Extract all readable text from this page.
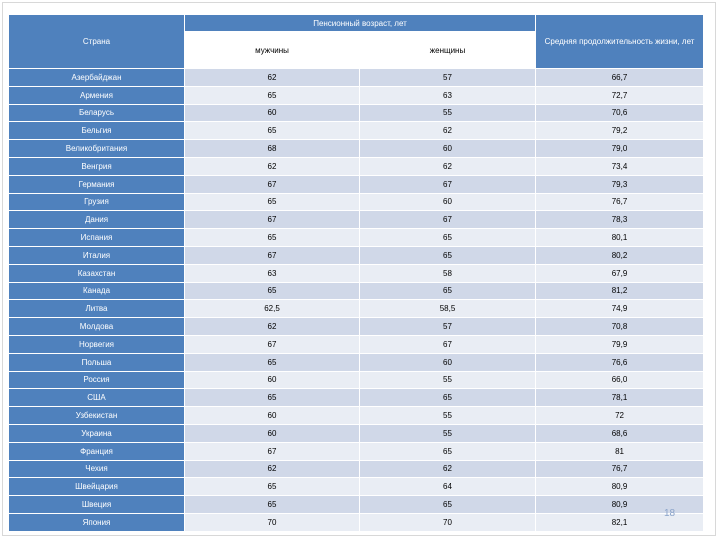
Страна	Пенсионный возраст, лет		Средняя продолжительность жизни, лет
	мужчины	женщины	
Азербайджан	62	57	66,7
Армения	65	63	72,7
Беларусь	60	55	70,6
Бельгия	65	62	79,2
Великобритания	68	60	79,0
Венгрия	62	62	73,4
Германия	67	67	79,3
Грузия	65	60	76,7
Дания	67	67	78,3
Испания	65	65	80,1
Италия	67	65	80,2
Казахстан	63	58	67,9
Канада	65	65	81,2
Литва	62,5	58,5	74,9
Молдова	62	57	70,8
Норвегия	67	67	79,9
Польша	65	60	76,6
Россия	60	55	66,0
США	65	65	78,1
Узбекистан	60	55	72
Украина	60	55	68,6
Франция	67	65	81
Чехия	62	62	76,7
Швейцария	65	64	80,9
Швеция	65	65	80,9
Япония	70	70	82,1
18
